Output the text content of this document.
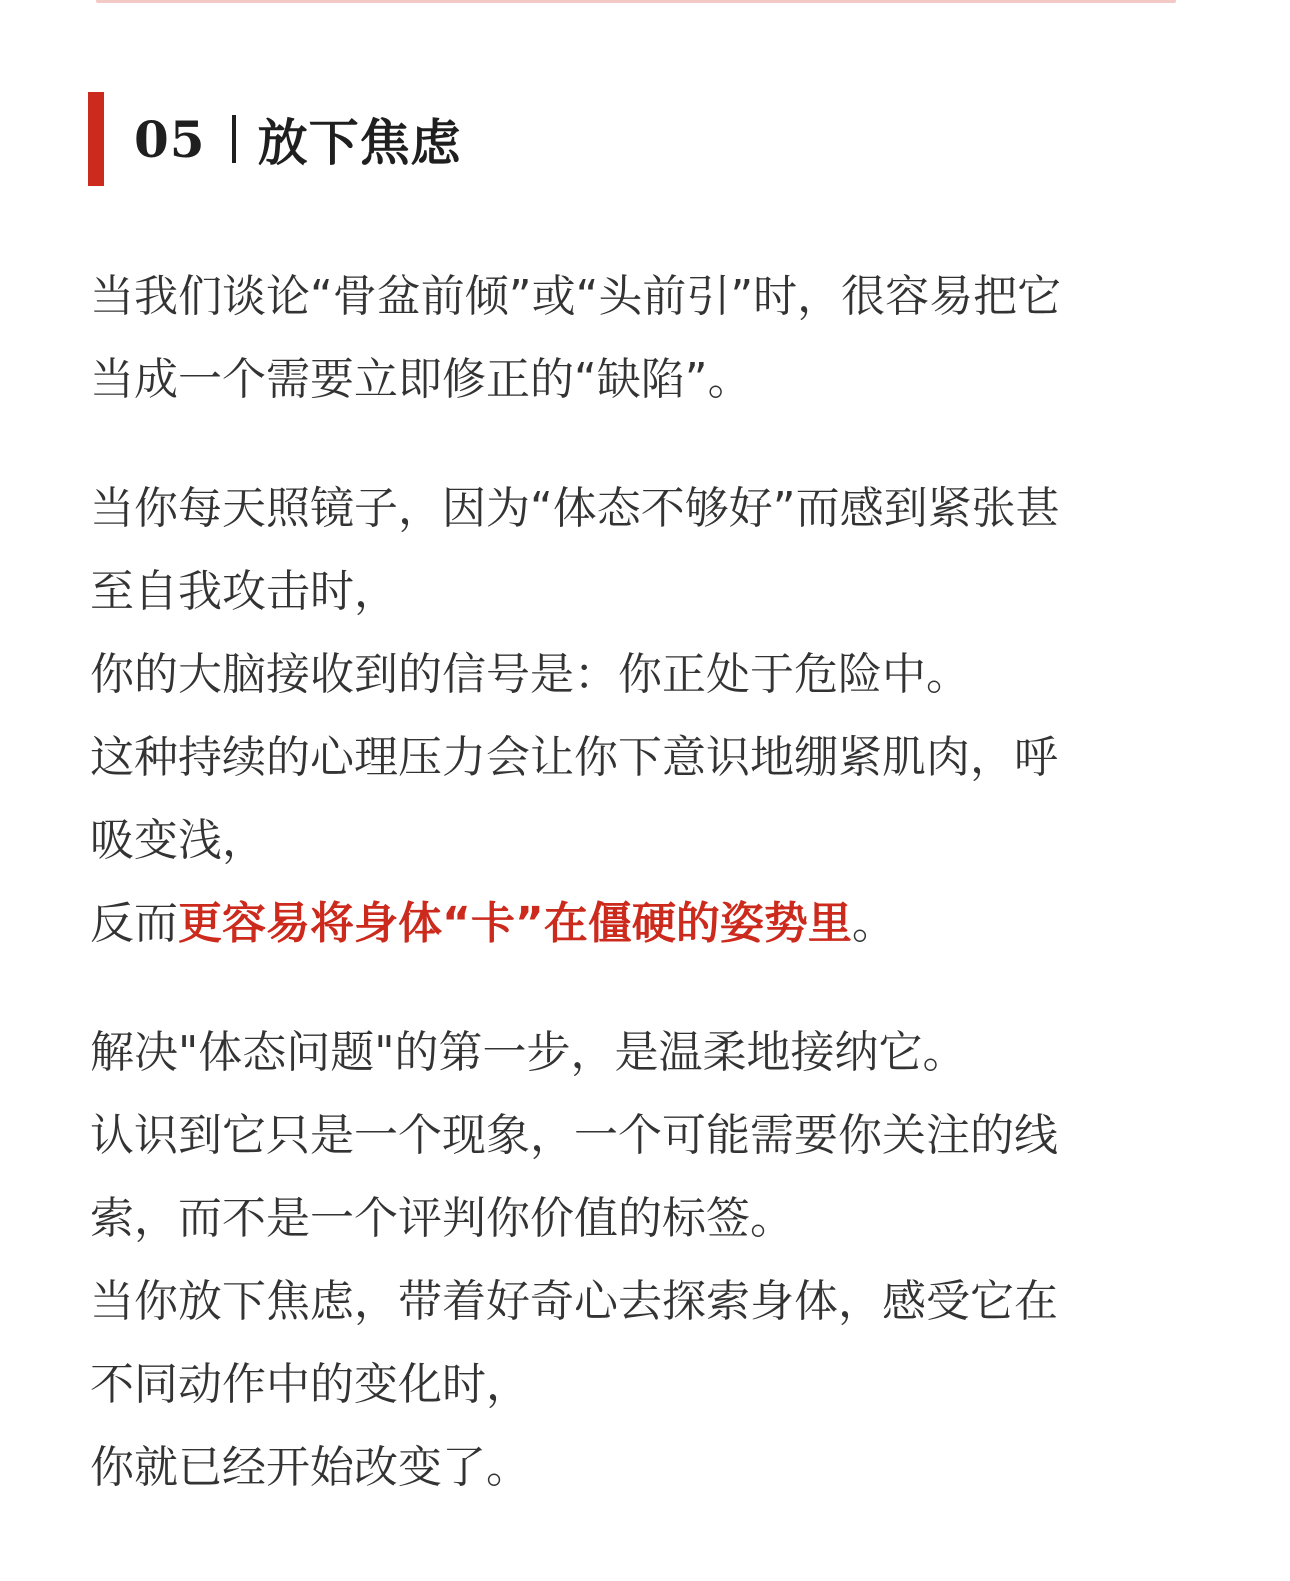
05 放下焦虑

当我们谈论“骨盆前倾”或“头前引”时，很容易把它
当成一个需要立即修正的“缺陷”。

当你每天照镜子，因为“体态不够好”而感到紧张甚
至自我攻击时，
你的大脑接收到的信号是：你正处于危险中。
这种持续的心理压力会让你下意识地绷紧肌肉，呼
吸变浅，
反而更容易将身体“卡”在僵硬的姿势里。

解决"体态问题"的第一步，是温柔地接纳它。
认识到它只是一个现象，一个可能需要你关注的线
索，而不是一个评判你价值的标签。
当你放下焦虑，带着好奇心去探索身体，感受它在
不同动作中的变化时，
你就已经开始改变了。
